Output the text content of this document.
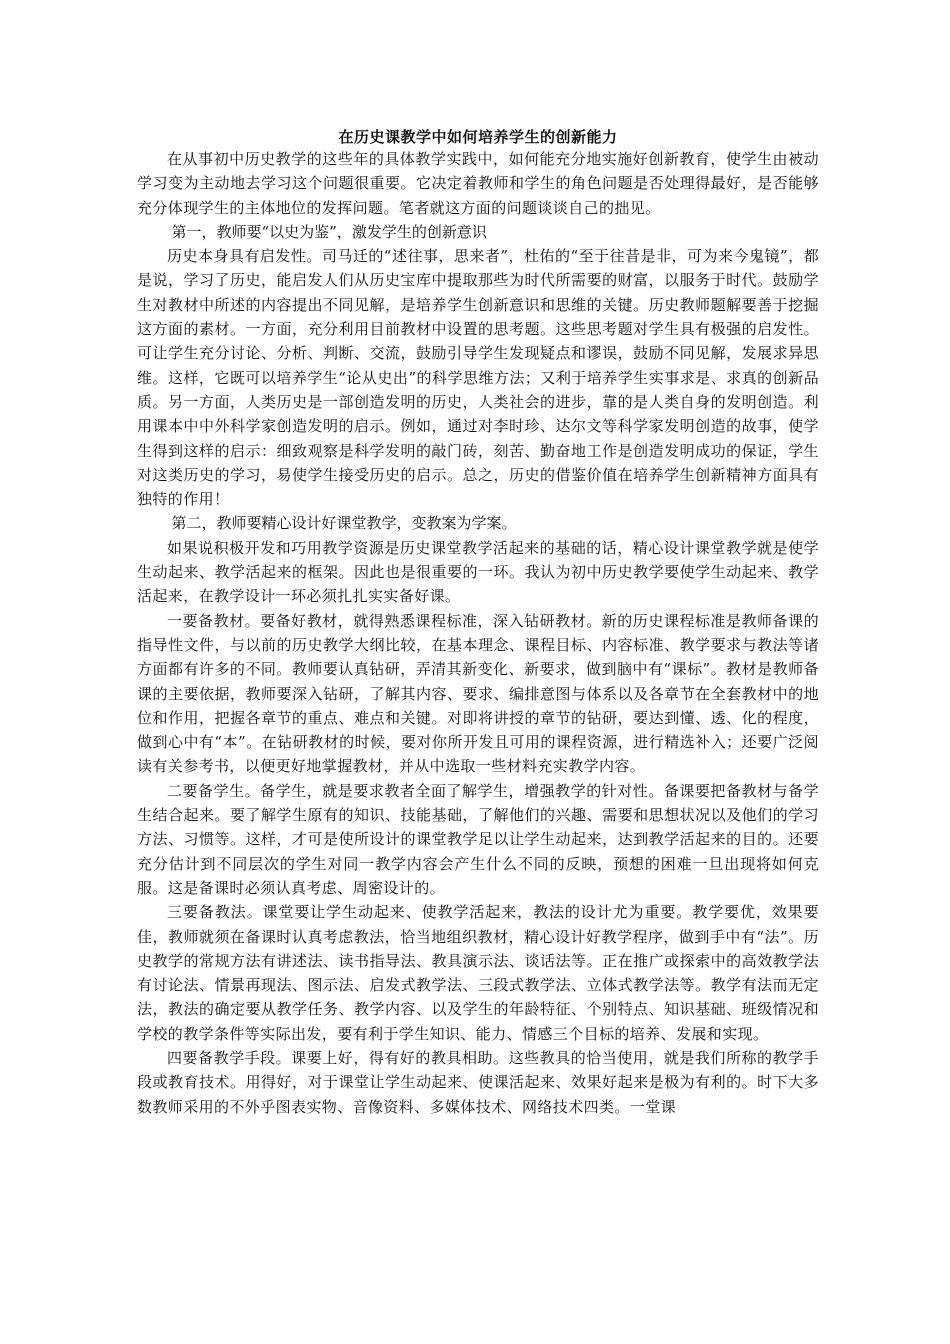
在历史课教学中如何培养学生的创新能力

在从事初中历史教学的这些年的具体教学实践中，如何能充分地实施好创新教育，使学生由被动学习变为主动地去学习这个问题很重要。它决定着教师和学生的角色问题是否处理得最好，是否能够充分体现学生的主体地位的发挥问题。笔者就这方面的问题谈谈自己的拙见。

第一，教师要“以史为鉴”，激发学生的创新意识

历史本身具有启发性。司马迁的“述往事，思来者”，杜佑的“至于往昔是非，可为来今鬼镜”，都是说，学习了历史，能启发人们从历史宝库中提取那些为时代所需要的财富，以服务于时代。鼓励学生对教材中所述的内容提出不同见解，是培养学生创新意识和思维的关键。历史教师题解要善于挖掘这方面的素材。一方面，充分利用目前教材中设置的思考题。这些思考题对学生具有极强的启发性。可让学生充分讨论、分析、判断、交流，鼓励引导学生发现疑点和谬误，鼓励不同见解，发展求异思维。这样，它既可以培养学生“论从史出”的科学思维方法；又利于培养学生实事求是、求真的创新品质。另一方面，人类历史是一部创造发明的历史，人类社会的进步，靠的是人类自身的发明创造。利用课本中中外科学家创造发明的启示。例如，通过对李时珍、达尔文等科学家发明创造的故事，使学生得到这样的启示：细致观察是科学发明的敲门砖，刻苦、勤奋地工作是创造发明成功的保证，学生对这类历史的学习，易使学生接受历史的启示。总之，历史的借鉴价值在培养学生创新精神方面具有独特的作用！

第二，教师要精心设计好课堂教学，变教案为学案。

如果说积极开发和巧用教学资源是历史课堂教学活起来的基础的话，精心设计课堂教学就是使学生动起来、教学活起来的框架。因此也是很重要的一环。我认为初中历史教学要使学生动起来、教学活起来，在教学设计一环必须扎扎实实备好课。

一要备教材。要备好教材，就得熟悉课程标准，深入钻研教材。新的历史课程标准是教师备课的指导性文件，与以前的历史教学大纲比较，在基本理念、课程目标、内容标准、教学要求与教法等诸方面都有许多的不同。教师要认真钻研，弄清其新变化、新要求，做到脑中有“课标”。教材是教师备课的主要依据，教师要深入钻研，了解其内容、要求、编排意图与体系以及各章节在全套教材中的地位和作用，把握各章节的重点、难点和关键。对即将讲授的章节的钻研，要达到懂、透、化的程度，做到心中有“本”。在钻研教材的时候，要对你所开发且可用的课程资源，进行精选补入；还要广泛阅读有关参考书，以便更好地掌握教材，并从中选取一些材料充实教学内容。

二要备学生。备学生，就是要求教者全面了解学生，增强教学的针对性。备课要把备教材与备学生结合起来。要了解学生原有的知识、技能基础，了解他们的兴趣、需要和思想状况以及他们的学习方法、习惯等。这样，才可是使所设计的课堂教学足以让学生动起来，达到教学活起来的目的。还要充分估计到不同层次的学生对同一教学内容会产生什么不同的反映，预想的困难一旦出现将如何克服。这是备课时必须认真考虑、周密设计的。

三要备教法。课堂要让学生动起来、使教学活起来，教法的设计尤为重要。教学要优，效果要佳，教师就须在备课时认真考虑教法，恰当地组织教材，精心设计好教学程序，做到手中有“法”。历史教学的常规方法有讲述法、读书指导法、教具演示法、谈话法等。正在推广或探索中的高效教学法有讨论法、情景再现法、图示法、启发式教学法、三段式教学法、立体式教学法等。教学有法而无定法，教法的确定要从教学任务、教学内容、以及学生的年龄特征、个别特点、知识基础、班级情况和学校的教学条件等实际出发，要有利于学生知识、能力、情感三个目标的培养、发展和实现。

四要备教学手段。课要上好，得有好的教具相助。这些教具的恰当使用，就是我们所称的教学手段或教育技术。用得好，对于课堂让学生动起来、使课活起来、效果好起来是极为有利的。时下大多数教师采用的不外乎图表实物、音像资料、多媒体技术、网络技术四类。一堂课
